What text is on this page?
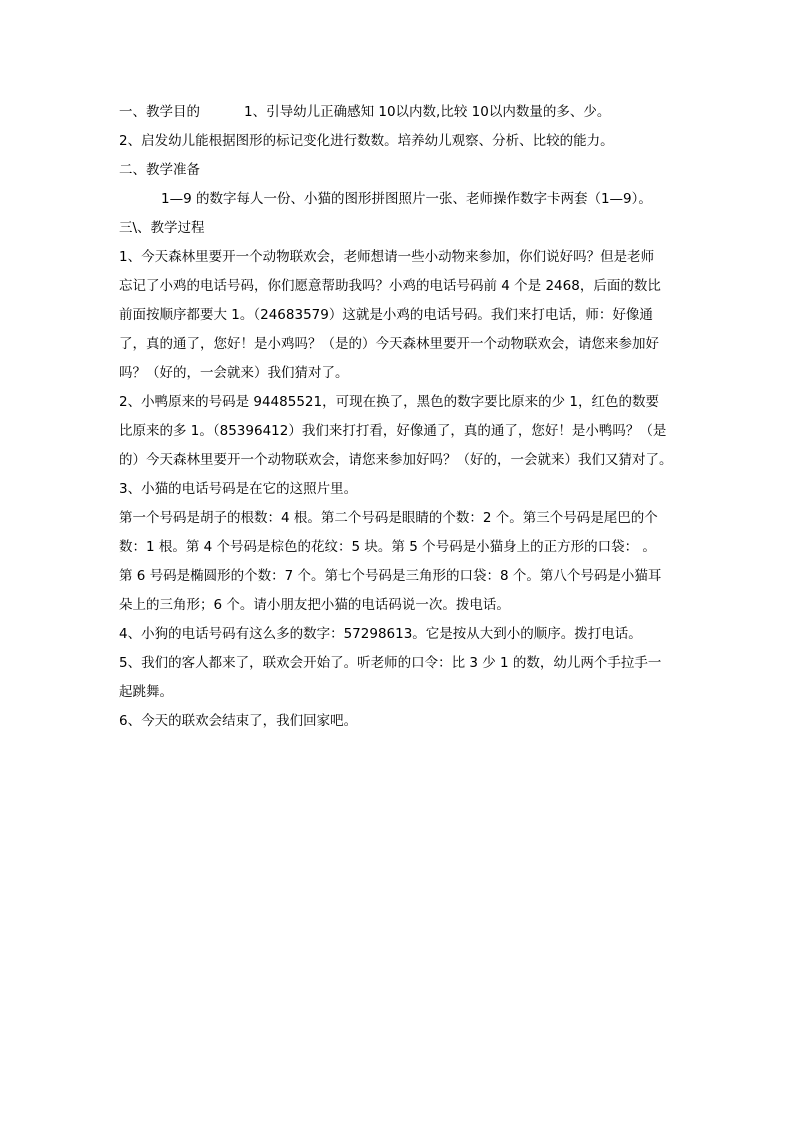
一、教学目的	1、引导幼儿正确感知 10以内数,比较 10以内数量的多、少。
2、启发幼儿能根据图形的标记变化进行数数。培养幼儿观察、分析、比较的能力。
二、教学准备
1—9 的数字每人一份、小猫的图形拼图照片一张、老师操作数字卡两套（1—9）。
三\、教学过程
1、今天森林里要开一个动物联欢会，老师想请一些小动物来参加，你们说好吗？但是老师
忘记了小鸡的电话号码，你们愿意帮助我吗？小鸡的电话号码前 4 个是 2468，后面的数比
前面按顺序都要大 1。（24683579）这就是小鸡的电话号码。我们来打电话，师：好像通
了，真的通了，您好！是小鸡吗？（是的）今天森林里要开一个动物联欢会，请您来参加好
吗？（好的，一会就来）我们猜对了。
2、小鸭原来的号码是 94485521，可现在换了，黑色的数字要比原来的少 1，红色的数要
比原来的多 1。（85396412）我们来打打看，好像通了，真的通了，您好！是小鸭吗？（是
的）今天森林里要开一个动物联欢会，请您来参加好吗？（好的，一会就来）我们又猜对了。
3、小猫的电话号码是在它的这照片里。
第一个号码是胡子的根数：4 根。第二个号码是眼睛的个数：2 个。第三个号码是尾巴的个
数：1 根。第 4 个号码是棕色的花纹：5 块。第 5 个号码是小猫身上的正方形的口袋： 。
第 6 号码是椭圆形的个数：7 个。第七个号码是三角形的口袋：8 个。第八个号码是小猫耳
朵上的三角形；6 个。请小朋友把小猫的电话码说一次。拨电话。
4、小狗的电话号码有这么多的数字：57298613。它是按从大到小的顺序。拨打电话。
5、我们的客人都来了，联欢会开始了。听老师的口令：比 3 少 1 的数，幼儿两个手拉手一
起跳舞。
6、今天的联欢会结束了，我们回家吧。
